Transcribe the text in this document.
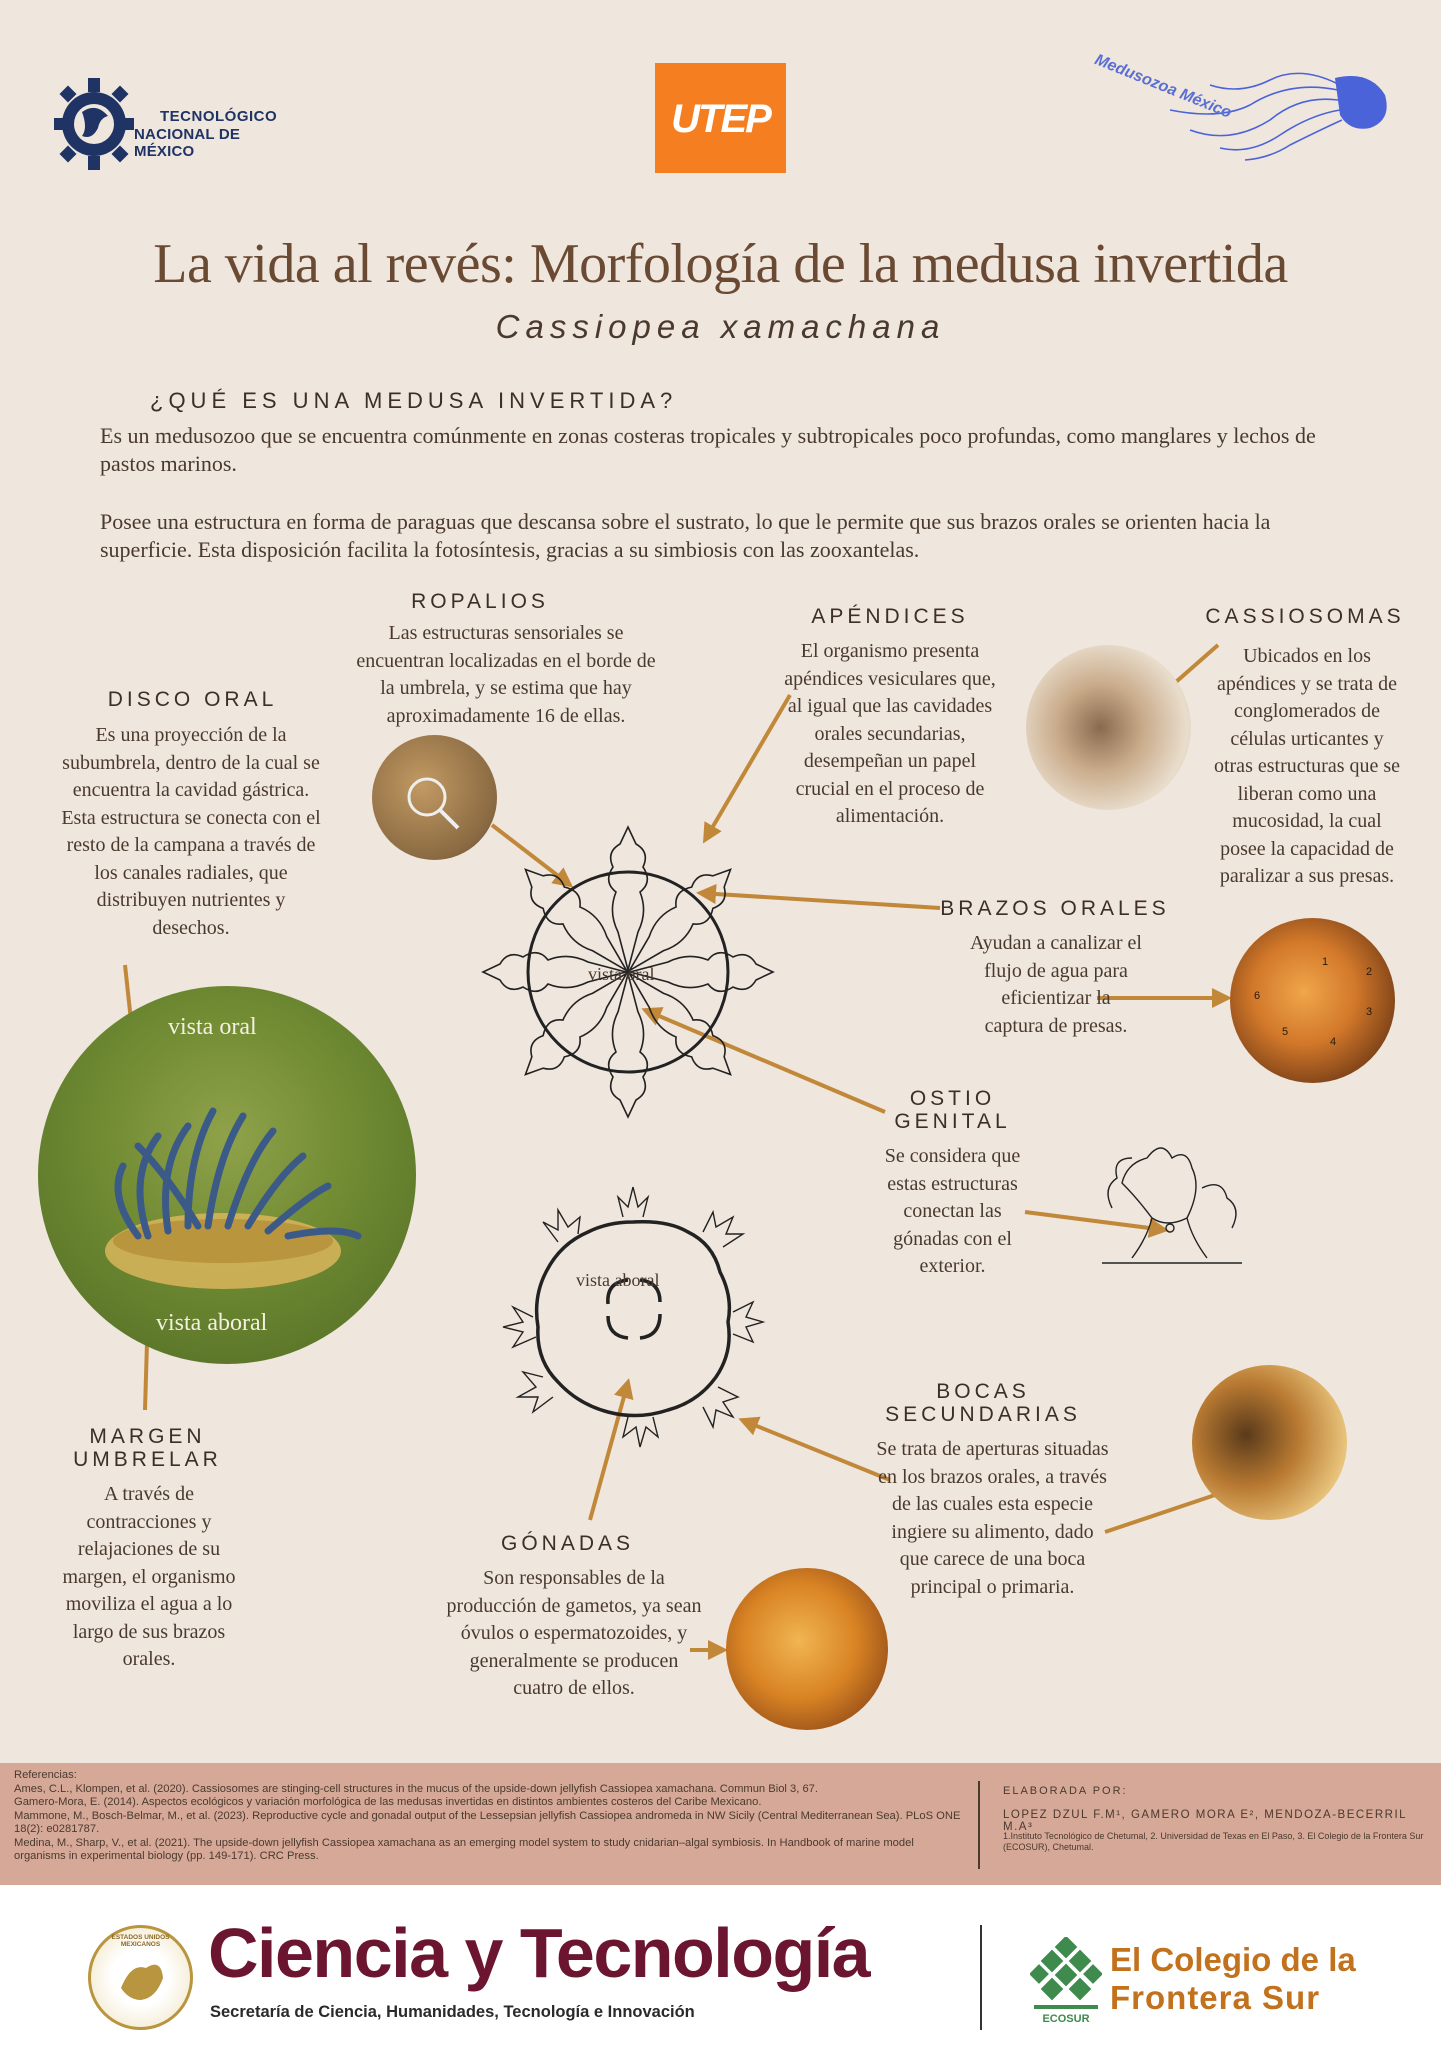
TECNOLÓGICO
NACIONAL DE MÉXICO
UTEP	Medusozoa México
La vida al revés: Morfología de la medusa invertida
Cassiopea xamachana
¿QUÉ ES UNA MEDUSA INVERTIDA?
Es un medusozoo que se encuentra comúnmente en zonas costeras tropicales y subtropicales poco profundas, como manglares y lechos de pastos marinos.
Posee una estructura en forma de paraguas que descansa sobre el sustrato, lo que le permite que sus brazos orales se orienten hacia la superficie. Esta disposición facilita la fotosíntesis, gracias a su simbiosis con las zooxantelas.
1
2
3
4
5
6
vista oral
vista aboral
vista oral
vista aboral
ROPALIOS
Las estructuras sensoriales se encuentran localizadas en el borde de la umbrela, y se estima que hay aproximadamente 16 de ellas.
APÉNDICES
El organismo presenta apéndices vesiculares que, al igual que las cavidades orales secundarias, desempeñan un papel crucial en el proceso de alimentación.
CASSIOSOMAS
Ubicados en los apéndices y se trata de conglomerados de células urticantes y otras estructuras que se liberan como una mucosidad, la cual posee la capacidad de paralizar a sus presas.
DISCO ORAL
Es una proyección de la subumbrela, dentro de la cual se encuentra la cavidad gástrica. Esta estructura se conecta con el resto de la campana a través de los canales radiales, que distribuyen nutrientes y desechos.
BRAZOS ORALES
Ayudan a canalizar el flujo de agua para eficientizar la captura de presas.
OSTIO
GENITAL
Se considera que estas estructuras conectan las gónadas con el exterior.
MARGEN
UMBRELAR
A través de contracciones y relajaciones de su margen, el organismo moviliza el agua a lo largo de sus brazos orales.
GÓNADAS
Son responsables de la producción de gametos, ya sean óvulos o espermatozoides, y generalmente se producen cuatro de ellos.
BOCAS
SECUNDARIAS
Se trata de aperturas situadas en los brazos orales, a través de las cuales esta especie ingiere su alimento, dado que carece de una boca principal o primaria.
Referencias:
Ames, C.L., Klompen, et al. (2020). Cassiosomes are stinging-cell structures in the mucus of the upside-down jellyfish Cassiopea xamachana. Commun Biol 3, 67.
Gamero-Mora, E. (2014). Aspectos ecológicos y variación morfológica de las medusas invertidas en distintos ambientes costeros del Caribe Mexicano.
Mammone, M., Bosch-Belmar, M., et al. (2023). Reproductive cycle and gonadal output of the Lessepsian jellyfish Cassiopea andromeda in NW Sicily (Central Mediterranean Sea). PLoS ONE 18(2): e0281787.
Medina, M., Sharp, V., et al. (2021). The upside-down jellyfish Cassiopea xamachana as an emerging model system to study cnidarian–algal symbiosis. In Handbook of marine model organisms in experimental biology (pp. 149-171). CRC Press.
ELABORADA POR:
LOPEZ DZUL F.M¹, GAMERO MORA E², MENDOZA-BECERRIL M.A³
1.Instituto Tecnológico de Chetumal, 2. Universidad de Texas en El Paso, 3. El Colegio de la Frontera Sur (ECOSUR), Chetumal.
ESTADOS UNIDOS MEXICANOS Ciencia y Tecnología
Secretaría de Ciencia, Humanidades, Tecnología e Innovación	ECOSUR
El Colegio de la
Frontera Sur
